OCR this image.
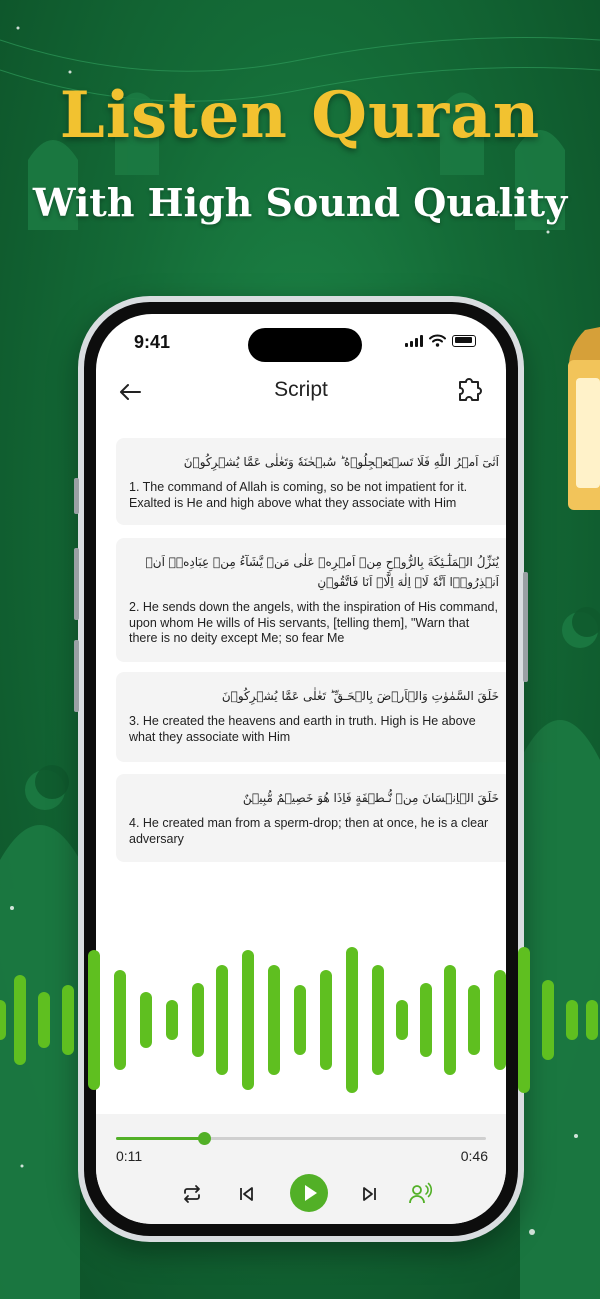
Listen Quran
With High Sound Quality
9:41
Script
اَتٰىٓ اَمۡرُ اللّٰهِ فَلَا تَسۡتَعۡجِلُوۡهُ ؕ سُبۡحٰنَهٗ وَتَعٰلٰى عَمَّا يُشۡرِكُوۡنَ
1. The command of Allah is coming, so be not impatient for it. Exalted is He and high above what they associate with Him
يُنَزِّلُ الۡمَلٰٓـئِكَةَ بِالرُّوۡحِ مِنۡ اَمۡرِهٖ عَلٰى مَنۡ يَّشَآءُ مِنۡ عِبَادِهٖۤ اَنۡ اَنۡذِرُوۡۤا اَنَّهٗ لَاۤ اِلٰهَ اِلَّاۤ اَنَا فَاتَّقُوۡنِ
2. He sends down the angels, with the inspiration of His command, upon whom He wills of His servants, [telling them], "Warn that there is no deity except Me; so fear Me
خَلَقَ السَّمٰوٰتِ وَالۡاَرۡضَ بِالۡحَـقِّ ؕ تَعٰلٰى عَمَّا يُشۡرِكُوۡنَ
3. He created the heavens and earth in truth. High is He above what they associate with Him
خَلَقَ الۡاِنۡسَانَ مِنۡ نُّـطۡفَةٍ فَاِذَا هُوَ خَصِيۡمٌ مُّبِيۡنٌ
4. He created man from a sperm-drop; then at once, he is a clear adversary
0:11	0:46
